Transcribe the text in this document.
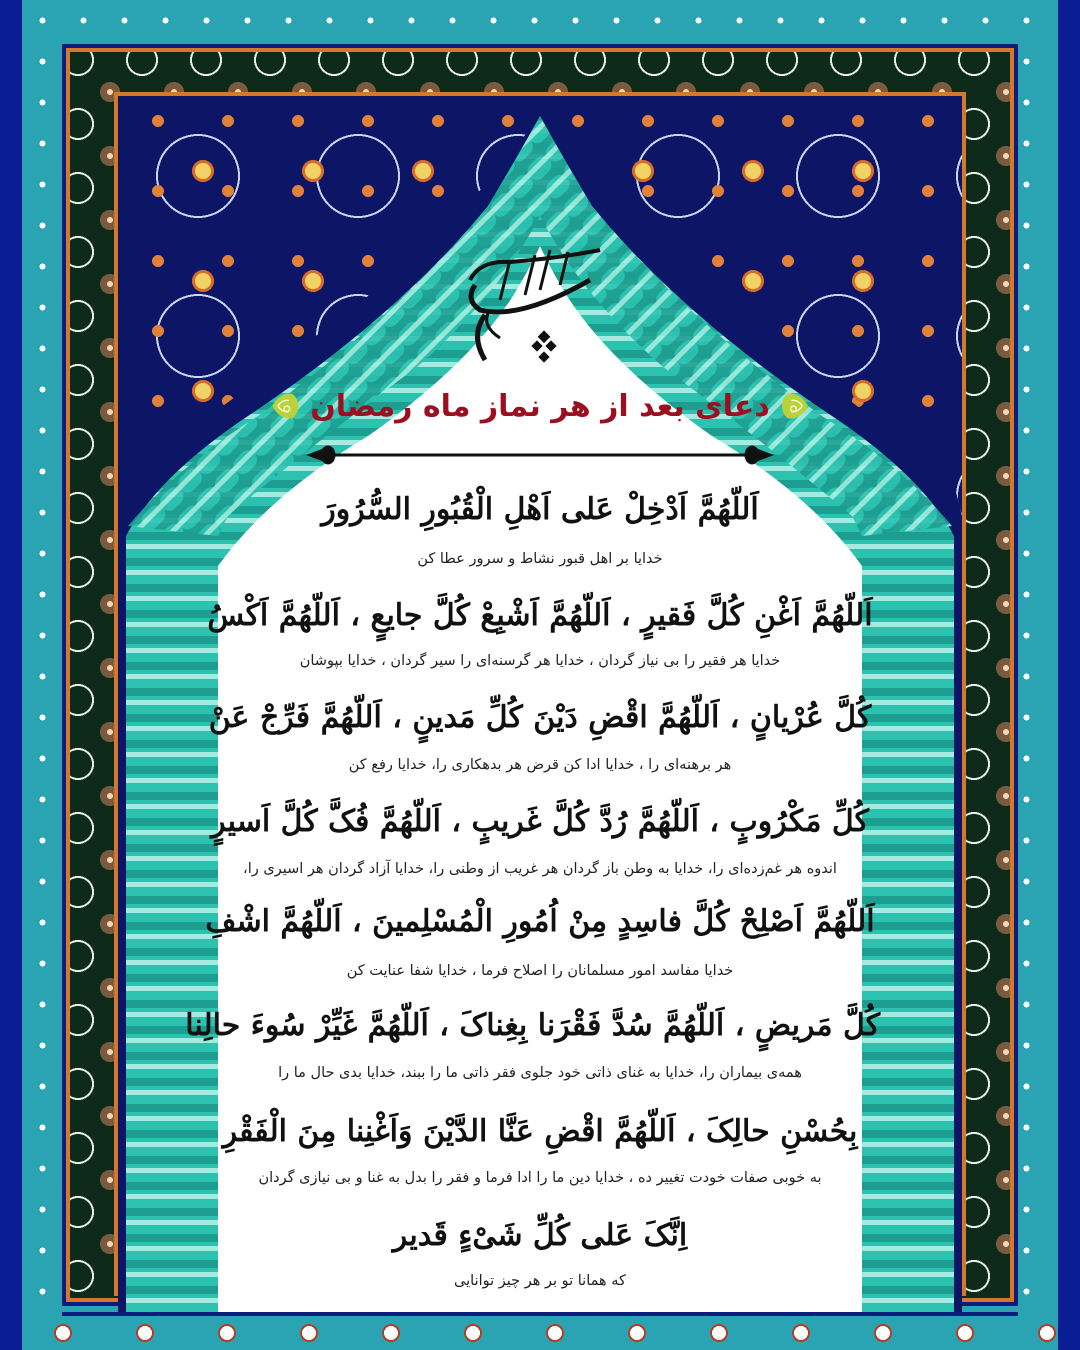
دعای بعد از هر نماز ماه رمضان
اَللّهُمَّ اَدْخِلْ عَلی اَهْلِ الْقُبُورِ السُّرُورَ
خدایا بر اهل قبور نشاط و سرور عطا کن
اَللّهُمَّ اَغْنِ کُلَّ فَقیرٍ ، اَللّهُمَّ اَشْبِعْ کُلَّ جایعٍ ، اَللّهُمَّ اَکْسُ
خدایا هر فقیر را بی نیاز گردان ، خدایا هر گرسنه‌ای را سیر گردان ، خدایا بپوشان
کُلَّ عُرْیانٍ ، اَللّهُمَّ اقْضِ دَیْنَ کُلِّ مَدینٍ ، اَللّهُمَّ فَرِّجْ عَنْ
هر برهنه‌ای را ، خدایا ادا کن قرض هر بدهکاری را، خدایا رفع کن
کُلِّ مَکْرُوبٍ ، اَللّهُمَّ رُدَّ کُلَّ غَریبٍ ، اَللّهُمَّ فُکَّ کُلَّ اَسیرٍ
اندوه هر غم‌زده‌ای را، خدایا به وطن باز گردان هر غریب از وطنی را، خدایا آزاد گردان هر اسیری را،
اَللّهُمَّ اَصْلِحْ کُلَّ فاسِدٍ مِنْ اُمُورِ الْمُسْلِمینَ ، اَللّهُمَّ اشْفِ
خدایا مفاسد امور مسلمانان را اصلاح فرما ، خدایا شفا عنایت کن
کُلَّ مَریضٍ ، اَللّهُمَّ سُدَّ فَقْرَنا بِغِناکَ ، اَللّهُمَّ غَیِّرْ سُوءَ حالِنا
همه‌ی بیماران را، خدایا به غنای ذاتی خود جلوی فقر ذاتی ما را ببند، خدایا بدی حال ما را
بِحُسْنِ حالِکَ ، اَللّهُمَّ اقْضِ عَنَّا الدَّیْنَ وَاَغْنِنا مِنَ الْفَقْرِ
به خوبی صفات خودت تغییر ده ، خدایا دین ما را ادا فرما و فقر را بدل به غنا و بی نیازی گردان
اِنَّکَ عَلی کُلِّ شَیْءٍ قَدیر
که همانا تو بر هر چیز توانایی
